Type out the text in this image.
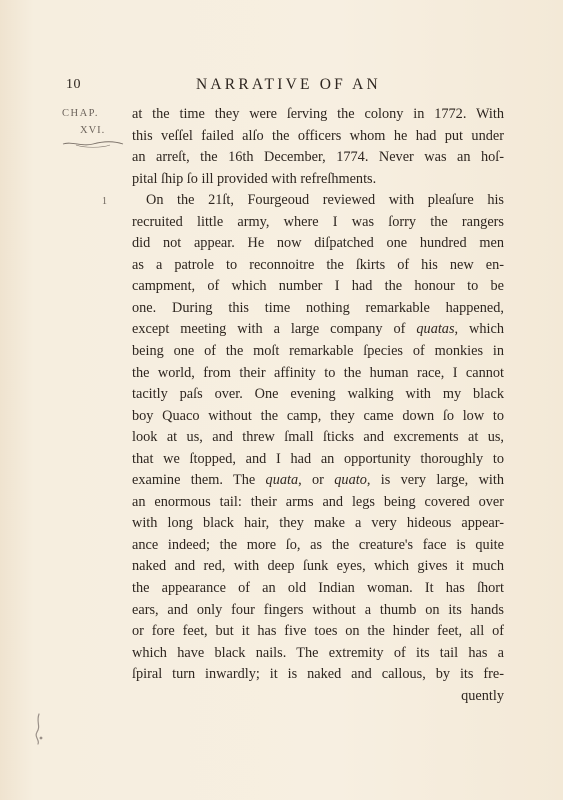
10	NARRATIVE OF AN
CHAP.
XVI.
1
at the time they were ſerving the colony in 1772. With
this veſſel failed alſo the officers whom he had put under
an arreſt, the 16th December, 1774. Never was an hoſ-
pital ſhip ſo ill provided with refreſhments.
On the 21ſt, Fourgeoud reviewed with pleaſure his
recruited little army, where I was ſorry the rangers
did not appear. He now diſpatched one hundred men
as a patrole to reconnoitre the ſkirts of his new en-
campment, of which number I had the honour to be
one. During this time nothing remarkable happened,
except meeting with a large company of quatas, which
being one of the moſt remarkable ſpecies of monkies in
the world, from their affinity to the human race, I cannot
tacitly paſs over. One evening walking with my black
boy Quaco without the camp, they came down ſo low to
look at us, and threw ſmall ſticks and excrements at us,
that we ſtopped, and I had an opportunity thoroughly to
examine them. The quata, or quato, is very large, with
an enormous tail: their arms and legs being covered over
with long black hair, they make a very hideous appear-
ance indeed; the more ſo, as the creature's face is quite
naked and red, with deep ſunk eyes, which gives it much
the appearance of an old Indian woman. It has ſhort
ears, and only four fingers without a thumb on its hands
or fore feet, but it has five toes on the hinder feet, all of
which have black nails. The extremity of its tail has a
ſpiral turn inwardly; it is naked and callous, by its fre-
quently
